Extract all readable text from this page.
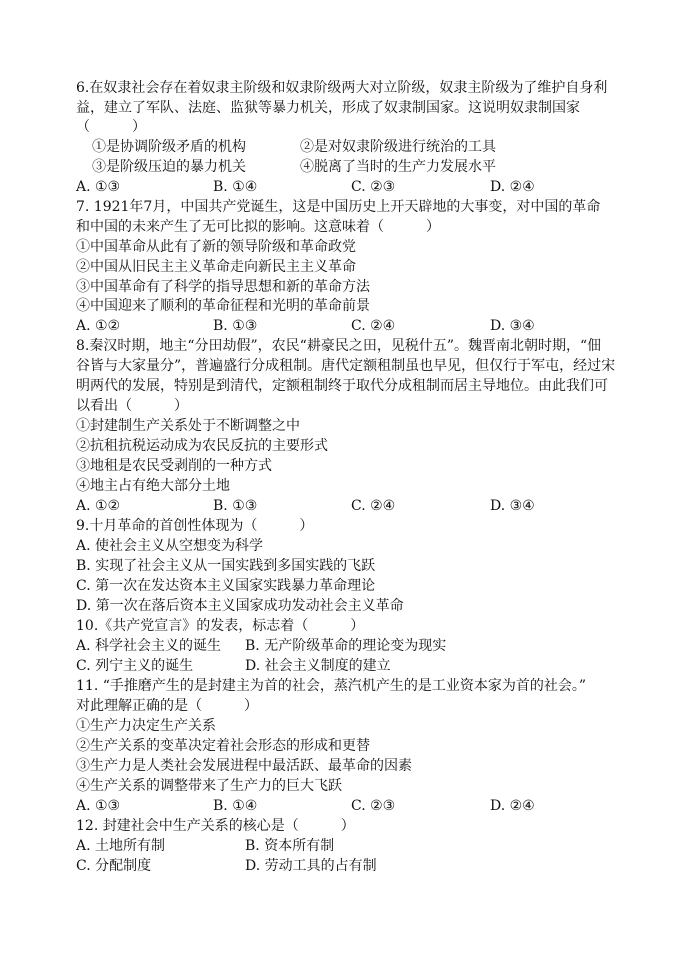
6.在奴隶社会存在着奴隶主阶级和奴隶阶级两大对立阶级，奴隶主阶级为了维护自身利
益，建立了军队、法庭、监狱等暴力机关，形成了奴隶制国家。这说明奴隶制国家
（　　　）
①是协调阶级矛盾的机构	②是对奴隶阶级进行统治的工具
③是阶级压迫的暴力机关	④脱离了当时的生产力发展水平
A. ①③	B. ①④	C. ②③	D. ②④
7. 1921年7月，中国共产党诞生，这是中国历史上开天辟地的大事变，对中国的革命
和中国的未来产生了无可比拟的影响。这意味着（　　　）
①中国革命从此有了新的领导阶级和革命政党
②中国从旧民主主义革命走向新民主主义革命
③中国革命有了科学的指导思想和新的革命方法
④中国迎来了顺利的革命征程和光明的革命前景
A. ①②	B. ①③	C. ②④	D. ③④
8.秦汉时期，地主“分田劫假”，农民“耕豪民之田，见税什五”。魏晋南北朝时期，“佃
谷皆与大家量分”，普遍盛行分成租制。唐代定额租制虽也早见，但仅行于军屯，经过宋
明两代的发展，特别是到清代，定额租制终于取代分成租制而居主导地位。由此我们可
以看出（　　　）
①封建制生产关系处于不断调整之中
②抗租抗税运动成为农民反抗的主要形式
③地租是农民受剥削的一种方式
④地主占有绝大部分土地
A. ①②	B. ①③	C. ②④	D. ③④
9.十月革命的首创性体现为（　　　）
A. 使社会主义从空想变为科学
B. 实现了社会主义从一国实践到多国实践的飞跃
C. 第一次在发达资本主义国家实践暴力革命理论
D. 第一次在落后资本主义国家成功发动社会主义革命
10.《共产党宣言》的发表，标志着（　　　）
A. 科学社会主义的诞生 B. 无产阶级革命的理论变为现实
C. 列宁主义的诞生	D. 社会主义制度的建立
11. “手推磨产生的是封建主为首的社会，蒸汽机产生的是工业资本家为首的社会。”
对此理解正确的是（　　　）
①生产力决定生产关系
②生产关系的变革决定着社会形态的形成和更替
③生产力是人类社会发展进程中最活跃、最革命的因素
④生产关系的调整带来了生产力的巨大飞跃
A. ①③	B. ①④	C. ②③	D. ②④
12. 封建社会中生产关系的核心是（　　　）
A. 土地所有制	B. 资本所有制
C. 分配制度	D. 劳动工具的占有制
